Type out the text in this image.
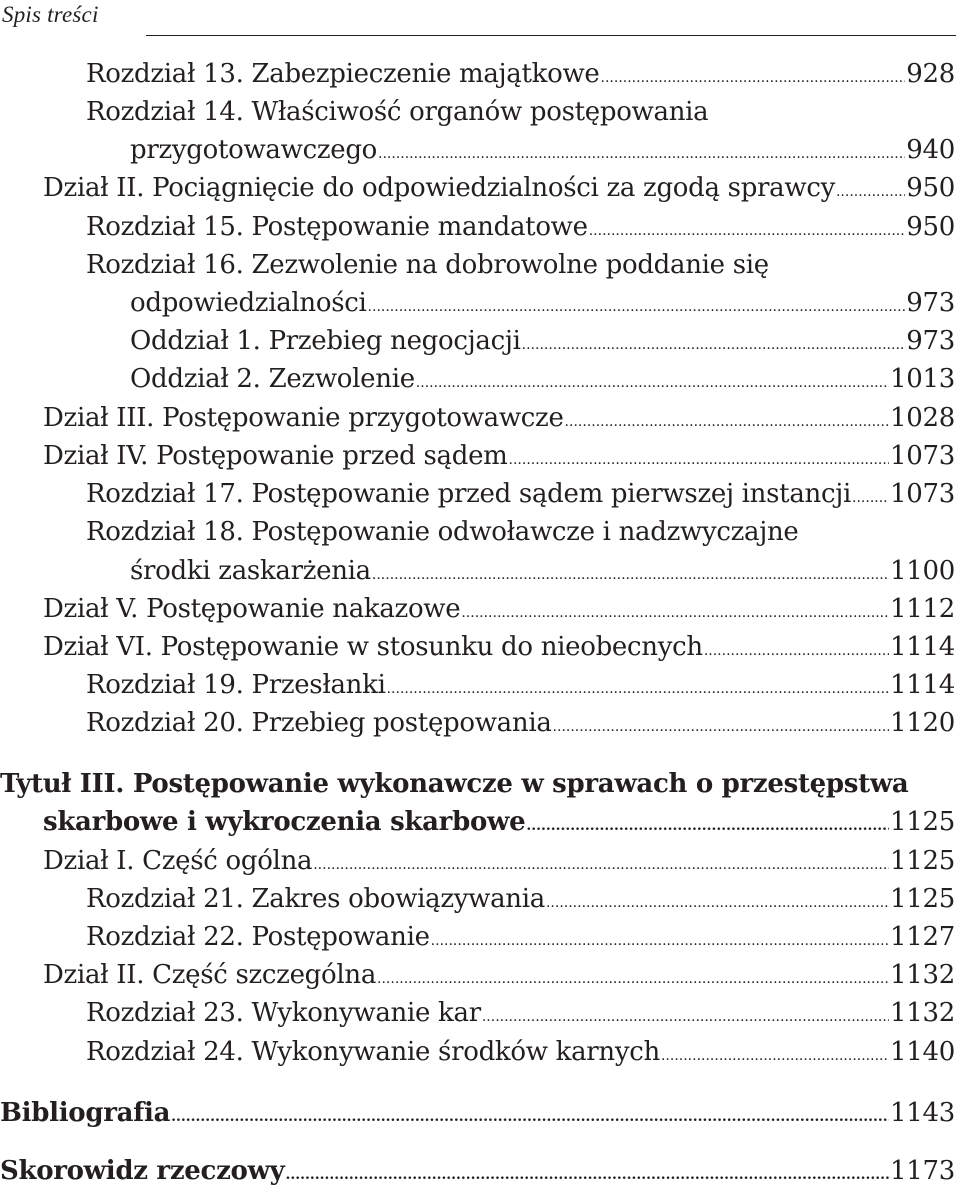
Spis treści
Rozdział 13. Zabezpieczenie majątkowe .....	928
Rozdział 14. Właściwość organów postępowania
przygotowawczego .....	940
Dział II. Pociągnięcie do odpowiedzialności za zgodą sprawcy .....	950
Rozdział 15. Postępowanie mandatowe .....	950
Rozdział 16. Zezwolenie na dobrowolne poddanie się
odpowiedzialności .....	973
Oddział 1. Przebieg negocjacji .....	973
Oddział 2. Zezwolenie .....	1013
Dział III. Postępowanie przygotowawcze .....	1028
Dział IV. Postępowanie przed sądem .....	1073
Rozdział 17. Postępowanie przed sądem pierwszej instancji ..... 1073
Rozdział 18. Postępowanie odwoławcze i nadzwyczajne
środki zaskarżenia .....	1100
Dział V. Postępowanie nakazowe .....	1112
Dział VI. Postępowanie w stosunku do nieobecnych .....	1114
Rozdział 19. Przesłanki .....	1114
Rozdział 20. Przebieg postępowania .....	1120
Tytuł III. Postępowanie wykonawcze w sprawach o przestępstwa
skarbowe i wykroczenia skarbowe .....	1125
Dział I. Część ogólna .....	1125
Rozdział 21. Zakres obowiązywania .....	1125
Rozdział 22. Postępowanie .....	1127
Dział II. Część szczególna .....	1132
Rozdział 23. Wykonywanie kar .....	1132
Rozdział 24. Wykonywanie środków karnych .....	1140
Bibliografia .....	1143
Skorowidz rzeczowy .....	1173
